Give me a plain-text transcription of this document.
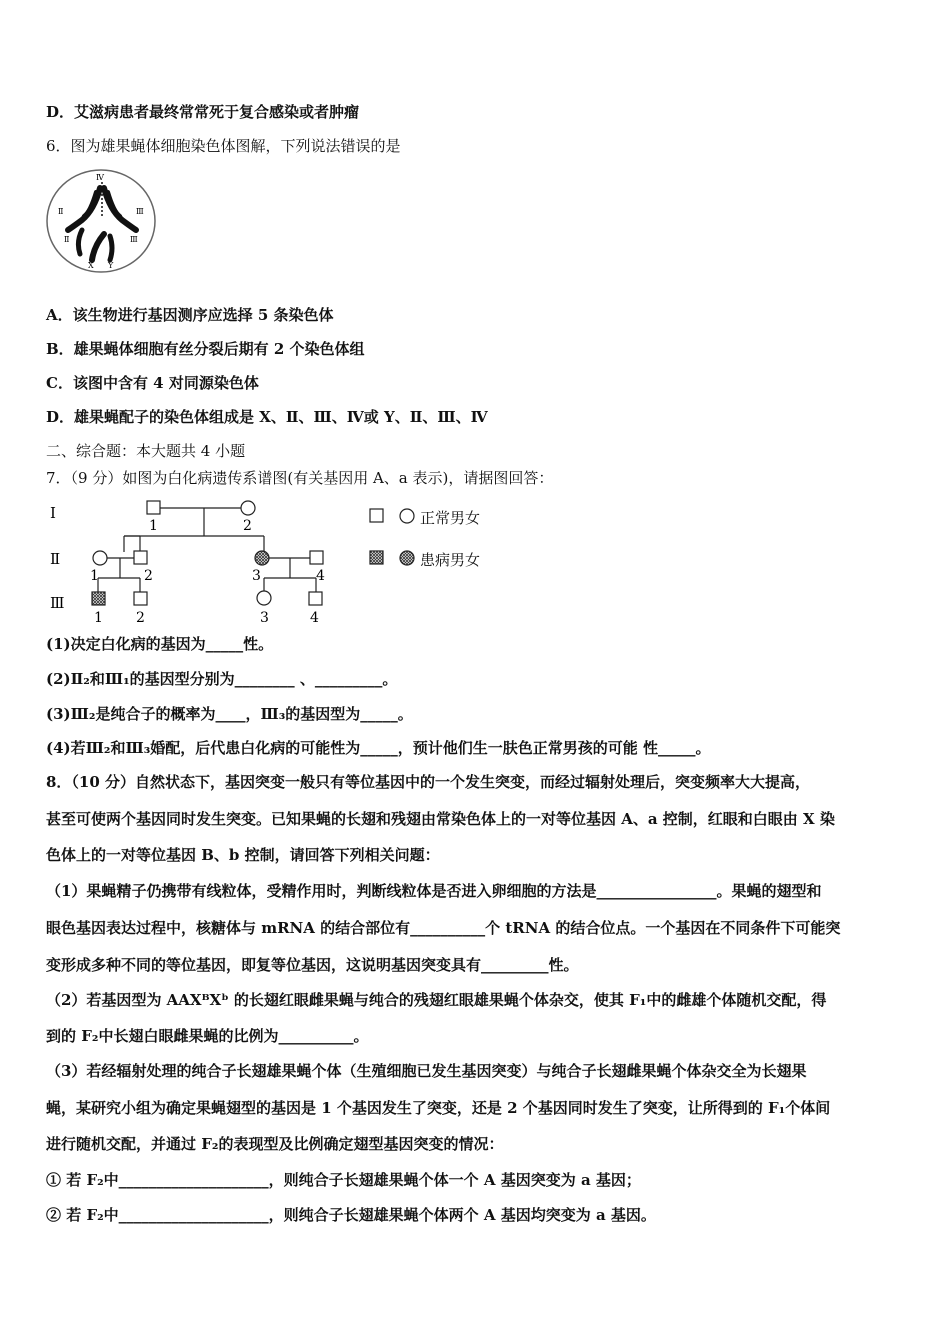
D．艾滋病患者最终常常死于复合感染或者肿瘤
6．图为雄果蝇体细胞染色体图解，下列说法错误的是
Ⅳ
Ⅱ	Ⅲ
Ⅱ	Ⅲ
X Y
A．该生物进行基因测序应选择 5 条染色体
B．雄果蝇体细胞有丝分裂后期有 2 个染色体组
C．该图中含有 4 对同源染色体
D．雄果蝇配子的染色体组成是 X、Ⅱ、Ⅲ、Ⅳ或 Y、Ⅱ、Ⅲ、Ⅳ
二、综合题：本大题共 4 小题
7．（9 分）如图为白化病遗传系谱图(有关基因用 A、a 表示)，请据图回答：
Ⅰ
Ⅱ
Ⅲ
1	2
1	2	3	4
1 2	3	4
正常男女
患病男女
(1)决定白化病的基因为_____性。
(2)Ⅱ₂和Ⅲ₁的基因型分别为________ 、_________。
(3)Ⅲ₂是纯合子的概率为____，Ⅲ₃的基因型为_____。
(4)若Ⅲ₂和Ⅲ₃婚配，后代患白化病的可能性为_____，预计他们生一肤色正常男孩的可能 性_____。
8．（10 分）自然状态下，基因突变一般只有等位基因中的一个发生突变，而经过辐射处理后，突变频率大大提高，
甚至可使两个基因同时发生突变。已知果蝇的长翅和残翅由常染色体上的一对等位基因 A、a 控制，红眼和白眼由 X 染
色体上的一对等位基因 B、b 控制，请回答下列相关问题：
（1）果蝇精子仍携带有线粒体，受精作用时，判断线粒体是否进入卵细胞的方法是________________。果蝇的翅型和
眼色基因表达过程中，核糖体与 mRNA 的结合部位有__________个 tRNA 的结合位点。一个基因在不同条件下可能突
变形成多种不同的等位基因，即复等位基因，这说明基因突变具有_________性。
（2）若基因型为 AAXᴮXᵇ 的长翅红眼雌果蝇与纯合的残翅红眼雄果蝇个体杂交，使其 F₁中的雌雄个体随机交配，得
到的 F₂中长翅白眼雌果蝇的比例为__________。
（3）若经辐射处理的纯合子长翅雄果蝇个体（生殖细胞已发生基因突变）与纯合子长翅雌果蝇个体杂交全为长翅果
蝇，某研究小组为确定果蝇翅型的基因是 1 个基因发生了突变，还是 2 个基因同时发生了突变，让所得到的 F₁个体间
进行随机交配，并通过 F₂的表现型及比例确定翅型基因突变的情况：
① 若 F₂中____________________，则纯合子长翅雄果蝇个体一个 A 基因突变为 a 基因；
② 若 F₂中____________________，则纯合子长翅雄果蝇个体两个 A 基因均突变为 a 基因。
